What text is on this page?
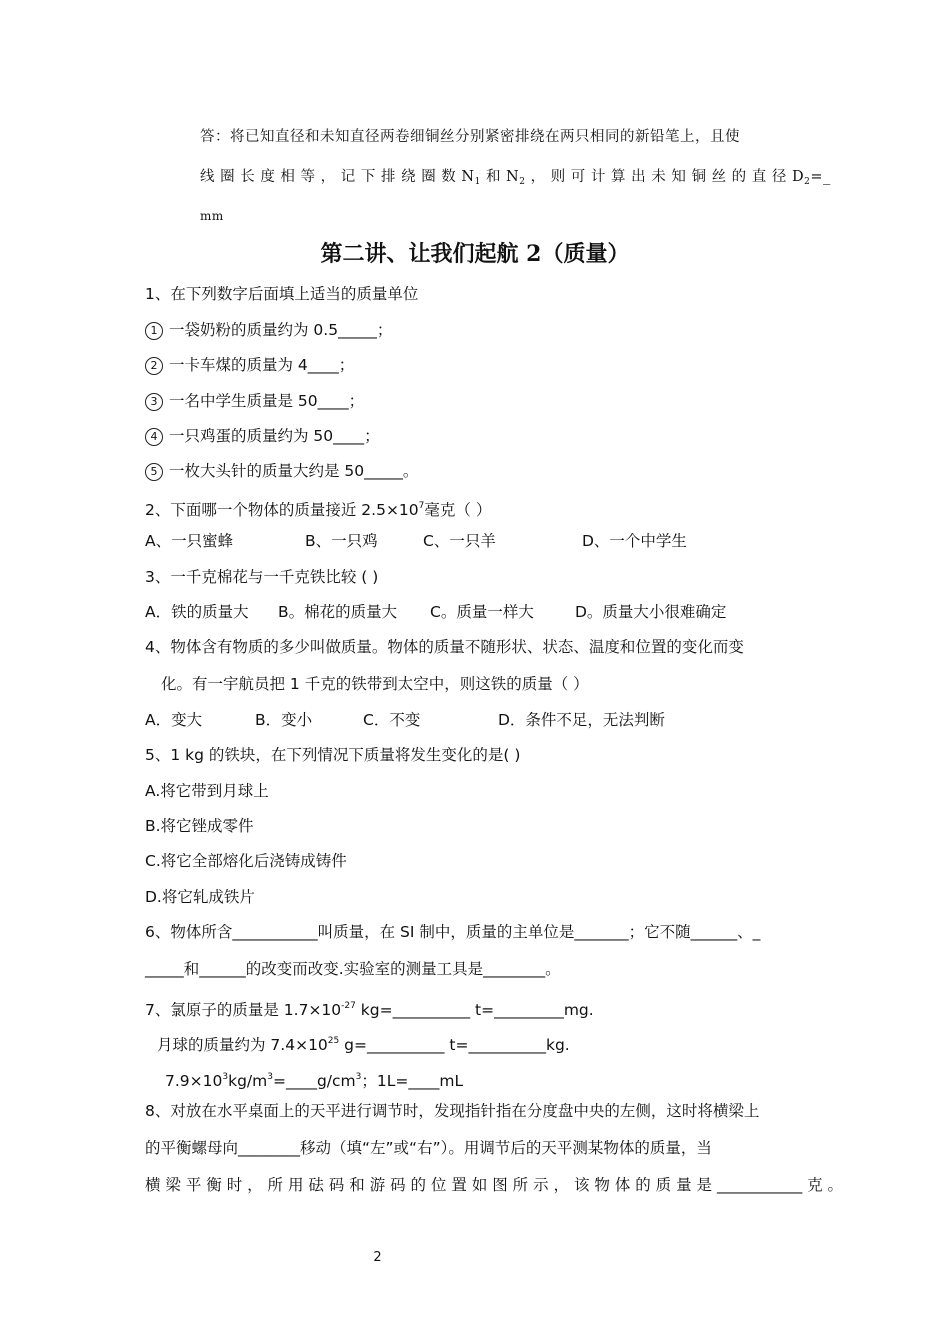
答：将已知直径和未知直径两卷细铜丝分别紧密排绕在两只相同的新铅笔上，且使
线 圈 长 度 相 等 ， 记 下 排 绕 圈 数 $N_1$ 和 $N_2$ ， 则 可 计 算 出 未 知 铜 丝 的 直 径 $D_2=\_$
mm
第二讲、让我们起航 2（质量）
1、在下列数字后面填上适当的质量单位
1 一袋奶粉的质量约为 0.5_____；
2 一卡车煤的质量为 4____；
3 一名中学生质量是 50____；
4 一只鸡蛋的质量约为 50____；
5 一枚大头针的质量大约是 50_____。
2、下面哪一个物体的质量接近 $2.5\times 10^7$毫克（ ）
A、一只蜜蜂	B、一只鸡	C、一只羊	D、一个中学生
3、一千克棉花与一千克铁比较 ( )
A．铁的质量大 B。棉花的质量大 C。质量一样大	D。质量大小很难确定
4、物体含有物质的多少叫做质量。物体的质量不随形状、状态、温度和位置的变化而变
化。有一宇航员把 1 千克的铁带到太空中，则这铁的质量（ ）
A．变大	B．变小	C．不变	D．条件不足，无法判断
5、1 kg 的铁块，在下列情况下质量将发生变化的是( )
A.将它带到月球上
B.将它锉成零件
C.将它全部熔化后浇铸成铸件
D.将它轧成铁片
6、物体所含___________叫质量，在 SI 制中，质量的主单位是_______；它不随______、_
_____和______的改变而改变.实验室的测量工具是________。
7、氯原子的质量是 $1.7\times 10^{-27}$ kg=__________ t=_________mg.
月球的质量约为 $7.4\times 10^{25}$ g=__________ t=__________kg.
$7.9\times 10^3kg/m^3=\_\_\_\_g/cm^3$；1L=____mL
8、对放在水平桌面上的天平进行调节时，发现指针指在分度盘中央的左侧，这时将横梁上
的平衡螺母向________移动（填“左”或“右”）。用调节后的天平测某物体的质量，当
横 梁 平 衡 时 ， 所 用 砝 码 和 游 码 的 位 置 如 图 所 示 ， 该 物 体 的 质 量 是 ___________ 克 。
2
